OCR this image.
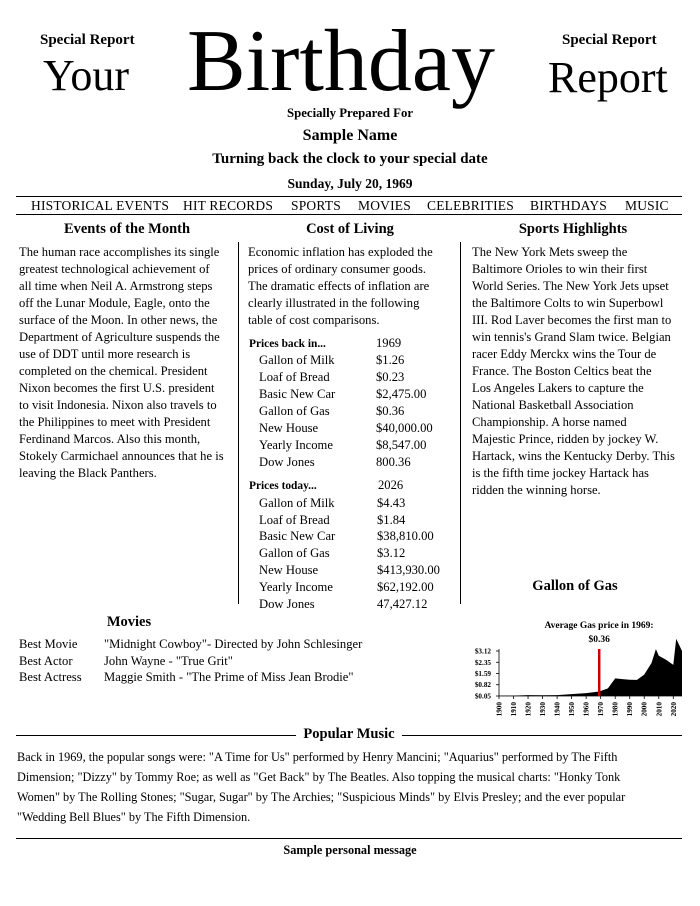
Special Report
Your Birthday	Special Report
Report
Specially Prepared For
Sample Name
Turning back the clock to your special date
Sunday, July 20, 1969
HISTORICAL EVENTS HIT RECORDS SPORTS MOVIES CELEBRITIES BIRTHDAYS MUSIC
Events of the Month
The human race accomplishes its single
greatest technological achievement of
all time when Neil A. Armstrong steps
off the Lunar Module, Eagle, onto the
surface of the Moon. In other news, the
Department of Agriculture suspends the
use of DDT until more research is
completed on the chemical. President
Nixon becomes the first U.S. president
to visit Indonesia. Nixon also travels to
the Philippines to meet with President
Ferdinand Marcos. Also this month,
Stokely Carmichael announces that he is
leaving the Black Panthers.
Cost of Living
Economic inflation has exploded the
prices of ordinary consumer goods.
The dramatic effects of inflation are
clearly illustrated in the following
table of cost comparisons.
Prices back in...	1969
Gallon of Milk	$1.26
Loaf of Bread	$0.23
Basic New Car	$2,475.00
Gallon of Gas	$0.36
New House	$40,000.00
Yearly Income	$8,547.00
Dow Jones	800.36
Prices today...	2026
Gallon of Milk	$4.43
Loaf of Bread	$1.84
Basic New Car	$38,810.00
Gallon of Gas	$3.12
New House	$413,930.00
Yearly Income	$62,192.00
Dow Jones	47,427.12
Sports Highlights
The New York Mets sweep the
Baltimore Orioles to win their first
World Series. The New York Jets upset
the Baltimore Colts to win Superbowl
III. Rod Laver becomes the first man to
win tennis's Grand Slam twice. Belgian
racer Eddy Merckx wins the Tour de
France. The Boston Celtics beat the
Los Angeles Lakers to capture the
National Basketball Association
Championship. A horse named
Majestic Prince, ridden by jockey W.
Hartack, wins the Kentucky Derby. This
is the fifth time jockey Hartack has
ridden the winning horse.
Gallon of Gas
Average Gas price in 1969:
$0.36
$3.12
$2.35
$1.59
$0.82
$0.05
1900 1910 1920 1930 1940 1950 1960 1970 1980 1990 2000 2010 2020
Movies
Best Movie "Midnight Cowboy"- Directed by John Schlesinger
Best Actor John Wayne - "True Grit"
Best Actress Maggie Smith - "The Prime of Miss Jean Brodie"
Popular Music
Back in 1969, the popular songs were: "A Time for Us" performed by Henry Mancini; "Aquarius" performed by The Fifth
Dimension; "Dizzy" by Tommy Roe; as well as "Get Back" by The Beatles. Also topping the musical charts: "Honky Tonk
Women" by The Rolling Stones; "Sugar, Sugar" by The Archies; "Suspicious Minds" by Elvis Presley; and the ever popular
"Wedding Bell Blues" by The Fifth Dimension.
Sample personal message
